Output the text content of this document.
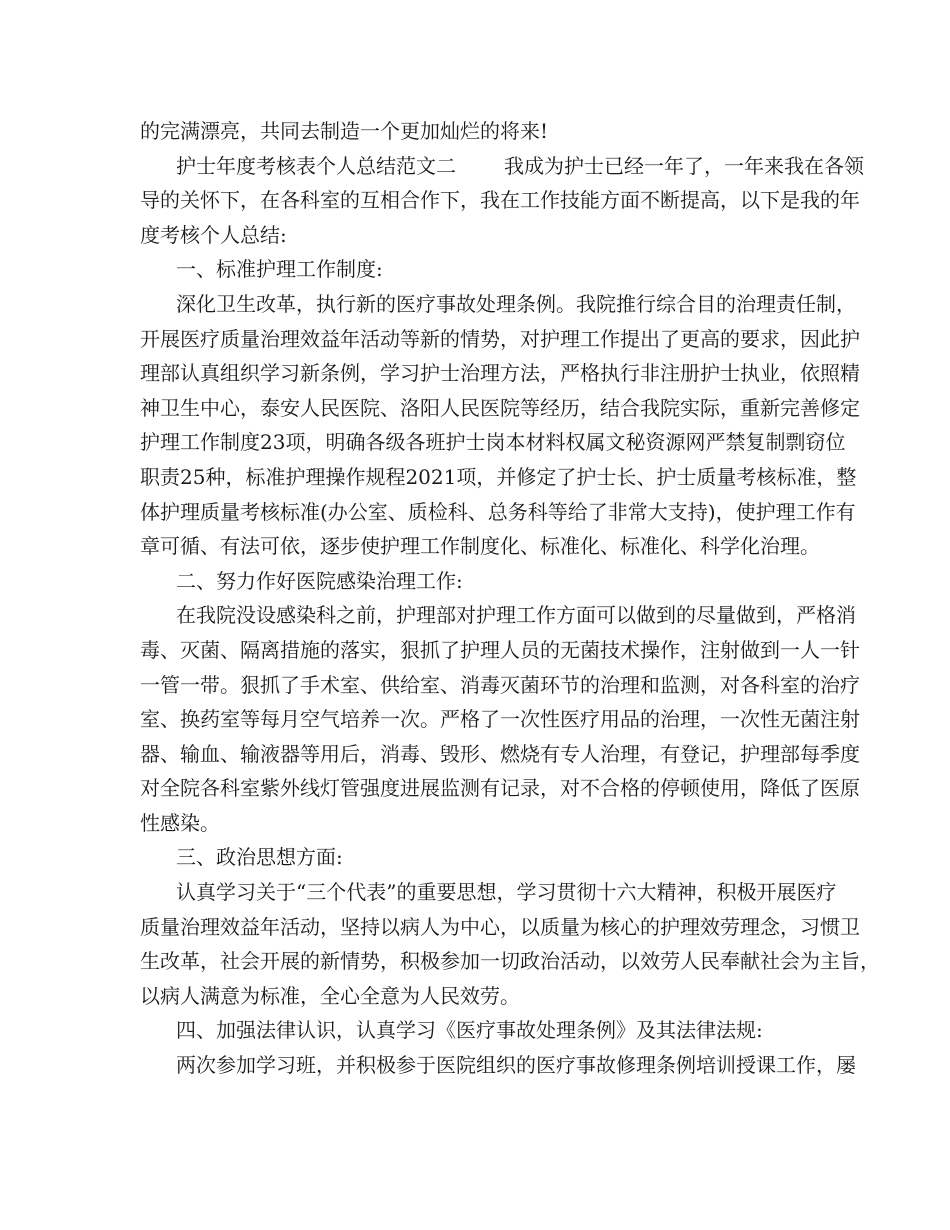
的完满漂亮，共同去制造一个更加灿烂的将来!
护士年度考核表个人总结范文二 我成为护士已经一年了，一年来我在各领
导的关怀下，在各科室的互相合作下，我在工作技能方面不断提高，以下是我的年
度考核个人总结:
一、标准护理工作制度:
深化卫生改革，执行新的医疗事故处理条例。我院推行综合目的治理责任制，
开展医疗质量治理效益年活动等新的情势，对护理工作提出了更高的要求，因此护
理部认真组织学习新条例，学习护士治理方法，严格执行非注册护士执业，依照精
神卫生中心，泰安人民医院、洛阳人民医院等经历，结合我院实际，重新完善修定
护理工作制度23项，明确各级各班护士岗本材料权属文秘资源网严禁复制剽窃位
职责25种，标准护理操作规程2021项，并修定了护士长、护士质量考核标准，整
体护理质量考核标准(办公室、质检科、总务科等给了非常大支持)，使护理工作有
章可循、有法可依，逐步使护理工作制度化、标准化、标准化、科学化治理。
二、努力作好医院感染治理工作:
在我院没设感染科之前，护理部对护理工作方面可以做到的尽量做到，严格消
毒、灭菌、隔离措施的落实，狠抓了护理人员的无菌技术操作，注射做到一人一针
一管一带。狠抓了手术室、供给室、消毒灭菌环节的治理和监测，对各科室的治疗
室、换药室等每月空气培养一次。严格了一次性医疗用品的治理，一次性无菌注射
器、输血、输液器等用后，消毒、毁形、燃烧有专人治理，有登记，护理部每季度
对全院各科室紫外线灯管强度进展监测有记录，对不合格的停顿使用，降低了医原
性感染。
三、政治思想方面:
认真学习关于“三个代表”的重要思想，学习贯彻十六大精神，积极开展医疗
质量治理效益年活动，坚持以病人为中心，以质量为核心的护理效劳理念，习惯卫
生改革，社会开展的新情势，积极参加一切政治活动，以效劳人民奉献社会为主旨，
以病人满意为标准，全心全意为人民效劳。
四、加强法律认识，认真学习《医疗事故处理条例》及其法律法规:
两次参加学习班，并积极参于医院组织的医疗事故修理条例培训授课工作，屡
